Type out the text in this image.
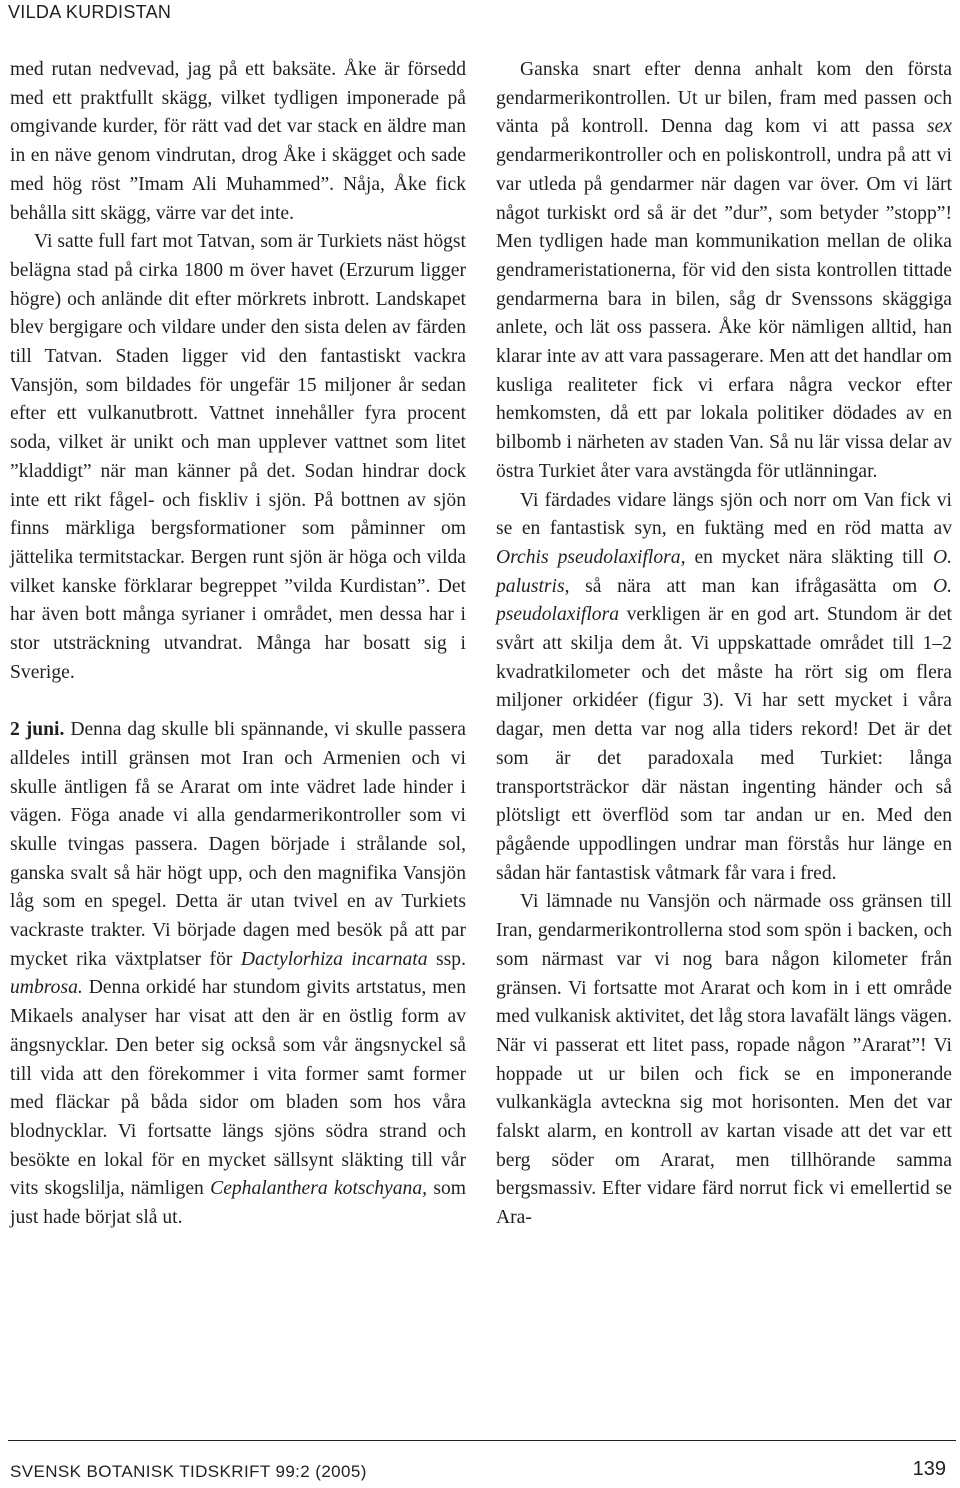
VILDA KURDISTAN

med rutan nedvevad, jag på ett baksäte. Åke är försedd med ett praktfullt skägg, vilket tydligen imponerade på omgivande kurder, för rätt vad det var stack en äldre man in en näve genom vindrutan, drog Åke i skägget och sade med hög röst ”Imam Ali Muhammed”. Nåja, Åke fick behålla sitt skägg, värre var det inte.

Vi satte full fart mot Tatvan, som är Turkiets näst högst belägna stad på cirka 1800 m över havet (Erzurum ligger högre) och anlände dit efter mörkrets inbrott. Landskapet blev bergigare och vildare under den sista delen av färden till Tatvan. Staden ligger vid den fantastiskt vackra Vansjön, som bildades för ungefär 15 miljoner år sedan efter ett vulkanutbrott. Vattnet innehåller fyra procent soda, vilket är unikt och man upplever vattnet som litet ”kladdigt” när man känner på det. Sodan hindrar dock inte ett rikt fågel- och fiskliv i sjön. På bottnen av sjön finns märkliga bergsformationer som påminner om jättelika termitstackar. Bergen runt sjön är höga och vilda vilket kanske förklarar begreppet ”vilda Kurdistan”. Det har även bott många syrianer i området, men dessa har i stor utsträckning utvandrat. Många har bosatt sig i Sverige.

2 juni. Denna dag skulle bli spännande, vi skulle passera alldeles intill gränsen mot Iran och Armenien och vi skulle äntligen få se Ararat om inte vädret lade hinder i vägen. Föga anade vi alla gendarmerikontroller som vi skulle tvingas passera. Dagen började i strålande sol, ganska svalt så här högt upp, och den magnifika Vansjön låg som en spegel. Detta är utan tvivel en av Turkiets vackraste trakter. Vi började dagen med besök på att par mycket rika växtplatser för Dactylorhiza incarnata ssp. umbrosa. Denna orkidé har stundom givits artstatus, men Mikaels analyser har visat att den är en östlig form av ängsnycklar. Den beter sig också som vår ängsnyckel så till vida att den förekommer i vita former samt former med fläckar på båda sidor om bladen som hos våra blodnycklar. Vi fortsatte längs sjöns södra strand och besökte en lokal för en mycket sällsynt släkting till vår vits skogslilja, nämligen Cephalanthera kotschyana, som just hade börjat slå ut.

Ganska snart efter denna anhalt kom den första gendarmerikontrollen. Ut ur bilen, fram med passen och vänta på kontroll. Denna dag kom vi att passa sex gendarmerikontroller och en poliskontroll, undra på att vi var utleda på gendarmer när dagen var över. Om vi lärt något turkiskt ord så är det ”dur”, som betyder ”stopp”! Men tydligen hade man kommunikation mellan de olika gendrameristationerna, för vid den sista kontrollen tittade gendarmerna bara in bilen, såg dr Svenssons skäggiga anlete, och lät oss passera. Åke kör nämligen alltid, han klarar inte av att vara passagerare. Men att det handlar om kusliga realiteter fick vi erfara några veckor efter hemkomsten, då ett par lokala politiker dödades av en bilbomb i närheten av staden Van. Så nu lär vissa delar av östra Turkiet åter vara avstängda för utlänningar.

Vi färdades vidare längs sjön och norr om Van fick vi se en fantastisk syn, en fuktäng med en röd matta av Orchis pseudolaxiflora, en mycket nära släkting till O. palustris, så nära att man kan ifrågasätta om O. pseudolaxiflora verkligen är en god art. Stundom är det svårt att skilja dem åt. Vi uppskattade området till 1–2 kvadratkilometer och det måste ha rört sig om flera miljoner orkidéer (figur 3). Vi har sett mycket i våra dagar, men detta var nog alla tiders rekord! Det är det som är det paradoxala med Turkiet: långa transportsträckor där nästan ingenting händer och så plötsligt ett överflöd som tar andan ur en. Med den pågående uppodlingen undrar man förstås hur länge en sådan här fantastisk våtmark får vara i fred.

Vi lämnade nu Vansjön och närmade oss gränsen till Iran, gendarmerikontrollerna stod som spön i backen, och som närmast var vi nog bara någon kilometer från gränsen. Vi fortsatte mot Ararat och kom in i ett område med vulkanisk aktivitet, det låg stora lavafält längs vägen. När vi passerat ett litet pass, ropade någon ”Ararat”! Vi hoppade ut ur bilen och fick se en imponerande vulkankägla avteckna sig mot horisonten. Men det var falskt alarm, en kontroll av kartan visade att det var ett berg söder om Ararat, men tillhörande samma bergsmassiv. Efter vidare färd norrut fick vi emellertid se Ara-

SVENSK BOTANISK TIDSKRIFT 99:2 (2005)	139
